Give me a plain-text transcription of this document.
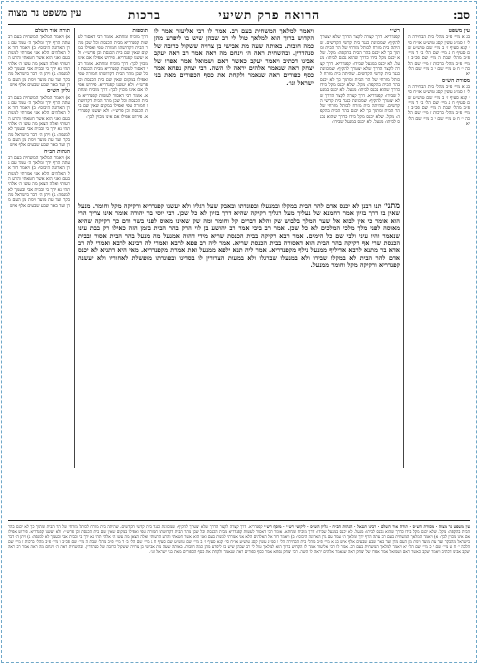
סב:
הרואה פרק תשיעי
ברכות
עין משפט נר מצוה
עין משפט
בג א מיי׳ פ״ב מהל׳ בית הבחירה הל׳ ו סמ״ג עשין קסג טוש״ע או״ח סי׳ קנא סעיף ז׳ ב מיי׳ שם טוש״ע שם סעיף ח ג מיי׳ שם הל׳ ב׳ ד מיי׳ פ״ב מהל׳ שבת ה מיי׳ שם פכ״ב ו מיי׳ פ״ב מהל׳ ברכות ז מיי׳ שם הלכה י׳ ח ט מיי׳ שם י כ מיי׳ שם הל׳ יא
מסורת הש״ס
בג א מיי׳ פ״ב מהל׳ בית הבחירה הל׳ ו סמ״ג עשין קסג טוש״ע או״ח סי׳ קנא סעיף ז׳ ב מיי׳ שם טוש״ע שם סעיף ח ג מיי׳ שם הל׳ ב׳ ד מיי׳ פ״ב מהל׳ שבת ה מיי׳ שם פכ״ב ו מיי׳ פ״ב מהל׳ ברכות ז מיי׳ שם הלכה י׳ ח ט מיי׳ שם י כ מיי׳ שם הל׳ יא
רש״י
קפנדריא. דרך קצרה לקצר הדרך שלא יצטרך להקיף: שמכוונת כנגד בית קדשי הקדשים. שהיתה בית מזרח לכותל מזרחי של הר הבית ומתוך כך לא יכנס בהר הבית בהקפה: מקל. שלא יכנס מקל בידו כדרך שהוא נכנס לביתו: מנעל. לא יכנס במנעל שבידו: קפנדריא. דרך קצרה לקצר הדרך שלא יצטרך להקיף: שמכוונת כנגד בית קדשי הקדשים. שהיתה בית מזרח לכותל מזרחי של הר הבית ומתוך כך לא יכנס בהר הבית בהקפה: מקל. שלא יכנס מקל בידו כדרך שהוא נכנס לביתו: מנעל. לא יכנס במנעל שבידו: קפנדריא. דרך קצרה לקצר הדרך שלא יצטרך להקיף: שמכוונת כנגד בית קדשי הקדשים. שהיתה בית מזרח לכותל מזרחי של הר הבית ומתוך כך לא יכנס בהר הבית בהקפה: מקל. שלא יכנס מקל בידו כדרך שהוא נכנס לביתו: מנעל. לא יכנס במנעל שבידו:
ויאמר למלאך המשחית בעם רב. אמר לו רבי אליעזר אמר לו הקדוש ברוך הוא למלאך טול לי רב שבהן שיש בו ליפרע מהן כמה חובות. באותה שעה מת אבישי בן צרויה ששקול כרובה של סנהדרין. ובהשחית ראה ה׳ וינחם מה ראה אמר רב ראה יעקב אבינו דכתיב ויאמר יעקב כאשר ראם ושמואל אמר אפרו של יצחק ראה שנאמר אלהים יראה לו השה. רבי יצחק נפחא אמר כסף כפורים ראה שנאמר ולקחת את כסף הכפורים מאת בני ישראל וגו׳.
תוספות
דרך מוכיח ומחתא. אומר רבי דאסור לעשות קפנדריא מבית הכנסת וכל שכן מהר הבית דקדושתו חמורה טפי ואפילו במקום שאין שם בית הכנסת וכן פרש״י: ולא יעשנו קפנדריא. פירוש אפילו אם אינו מכוין לכך: דרך מוכיח ומחתא. אומר רבי דאסור לעשות קפנדריא מבית הכנסת וכל שכן מהר הבית דקדושתו חמורה טפי ואפילו במקום שאין שם בית הכנסת וכן פרש״י: ולא יעשנו קפנדריא. פירוש אפילו אם אינו מכוין לכך: דרך מוכיח ומחתא. אומר רבי דאסור לעשות קפנדריא מבית הכנסת וכל שכן מהר הבית דקדושתו חמורה טפי ואפילו במקום שאין שם בית הכנסת וכן פרש״י: ולא יעשנו קפנדריא. פירוש אפילו אם אינו מכוין לכך:
תורה אור השלם
א) ויאמר המלאך המשחית בעם רב עתה הרף ידך ומלאך ה׳ עמד עם גרן הארונה היבוסי: ב) ויאמר דוד אל האלהים הלא אני אמרתי למנות בעם ואני הוא אשר חטאתי והרע הרעותי ואלה הצאן מה עשו ה׳ אלהי תהי נא ידך בי ובבית אבי ובעמך לא למגפה: ג) ויתן ה׳ דבר בישראל מהבקר ועד עת מועד וימת מן העם מדן ועד באר שבע שבעים אלף איש
גליון הש״ס
א) ויאמר המלאך המשחית בעם רב עתה הרף ידך ומלאך ה׳ עמד עם גרן הארונה היבוסי: ב) ויאמר דוד אל האלהים הלא אני אמרתי למנות בעם ואני הוא אשר חטאתי והרע הרעותי ואלה הצאן מה עשו ה׳ אלהי תהי נא ידך בי ובבית אבי ובעמך לא למגפה: ג) ויתן ה׳ דבר בישראל מהבקר ועד עת מועד וימת מן העם מדן ועד באר שבע שבעים אלף איש
הגהות הב״ח
א) ויאמר המלאך המשחית בעם רב עתה הרף ידך ומלאך ה׳ עמד עם גרן הארונה היבוסי: ב) ויאמר דוד אל האלהים הלא אני אמרתי למנות בעם ואני הוא אשר חטאתי והרע הרעותי ואלה הצאן מה עשו ה׳ אלהי תהי נא ידך בי ובבית אבי ובעמך לא למגפה: ג) ויתן ה׳ דבר בישראל מהבקר ועד עת מועד וימת מן העם מדן ועד באר שבע שבעים אלף איש	מתני׳ תנו רבנן לא יכנס אדם להר הבית במקלו ובמנעלו ובפונדתו ובאבק שעל רגליו ולא יעשנו קפנדריא ורקיקה מקל וחומר. מנעל שאין בו דרך בזיון אמר רחמנא של נעליך מעל רגליך רקיקה שהיא דרך בזיון לא כל שכן. רבי יוסי בר יהודה אומר אינו צריך הרי הוא אומר כי אין לבוא אל שער המלך בלבוש שק והלא דברים קל וחומר ומה שק שאינו מאוס לפני בשר ודם כך רקיקה שהיא מאוסה לפני מלך מלכי המלכים לא כל שכן. אמר רב ביבי אמר רב יהושע בן לוי הרק בהר הבית בזמן הזה כאילו רק בבת עינו שנאמר והיו עיני ולבי שם כל הימים. אמר רבא רקיקה בבית הכנסת שריא מידי דהוה אמנעל מה מנעל בהר הבית אסור ובבית הכנסת שרי אף רקיקה בהר הבית הוא דאסורה בבית הכנסת שריא. אמר ליה רב פפא לרבא ואמרי לה רבינא לרבא ואמרי לה רב אדא בר מתנא לרבא אדיליף ממנעל נילף מקפנדריא. אמר ליה תנא ילפא ממנעל ואת אמרת מקפנדריא. מאי היא דתניא לא יכנס אדם להר הבית לא במקלו שבידו ולא במנעלו שברגלו ולא במעות הצרורין לו בסדינו ובפונדתו מופשלת לאחוריו ולא יעשנה קפנדריא ורקיקה מקל וחומר ממנעל.
עין משפט נר מצוה · מסורת הש״ס · תורה אור השלם · רבינו חננאל · הגהות הב״ח · גליון הש״ס · ליקוטי רש״י · מוסף רש״י קפנדריא. דרך קצרה לקצר הדרך שלא יצטרך להקיף: שמכוונת כנגד בית קדשי הקדשים. שהיתה בית מזרח לכותל מזרחי של הר הבית ומתוך כך לא יכנס בהר הבית בהקפה: מקל. שלא יכנס מקל בידו כדרך שהוא נכנס לביתו: מנעל. לא יכנס במנעל שבידו: דרך מוכיח ומחתא. אומר רבי דאסור לעשות קפנדריא מבית הכנסת וכל שכן מהר הבית דקדושתו חמורה טפי ואפילו במקום שאין שם בית הכנסת וכן פרש״י: ולא יעשנו קפנדריא. פירוש אפילו אם אינו מכוין לכך: א) ויאמר המלאך המשחית בעם רב עתה הרף ידך ומלאך ה׳ עמד עם גרן הארונה היבוסי: ב) ויאמר דוד אל האלהים הלא אני אמרתי למנות בעם ואני הוא אשר חטאתי והרע הרעותי ואלה הצאן מה עשו ה׳ אלהי תהי נא ידך בי ובבית אבי ובעמך לא למגפה: ג) ויתן ה׳ דבר בישראל מהבקר ועד עת מועד וימת מן העם מדן ועד באר שבע שבעים אלף איש בג א מיי׳ פ״ב מהל׳ בית הבחירה הל׳ ו סמ״ג עשין קסג טוש״ע או״ח סי׳ קנא סעיף ז׳ ב מיי׳ שם טוש״ע שם סעיף ח ג מיי׳ שם הל׳ ב׳ ד מיי׳ פ״ב מהל׳ שבת ה מיי׳ שם פכ״ב ו מיי׳ פ״ב מהל׳ ברכות ז מיי׳ שם הלכה י׳ ח ט מיי׳ שם י כ מיי׳ שם הל׳ יא ויאמר למלאך המשחית בעם רב. אמר לו רבי אליעזר אמר לו הקדוש ברוך הוא למלאך טול לי רב שבהן שיש בו ליפרע מהן כמה חובות. באותה שעה מת אבישי בן צרויה ששקול כרובה של סנהדרין. ובהשחית ראה ה׳ וינחם מה ראה אמר רב ראה יעקב אבינו דכתיב ויאמר יעקב כאשר ראם ושמואל אמר אפרו של יצחק ראה שנאמר אלהים יראה לו השה. רבי יצחק נפחא אמר כסף כפורים ראה שנאמר ולקחת את כסף הכפורים מאת בני ישראל וגו׳.
